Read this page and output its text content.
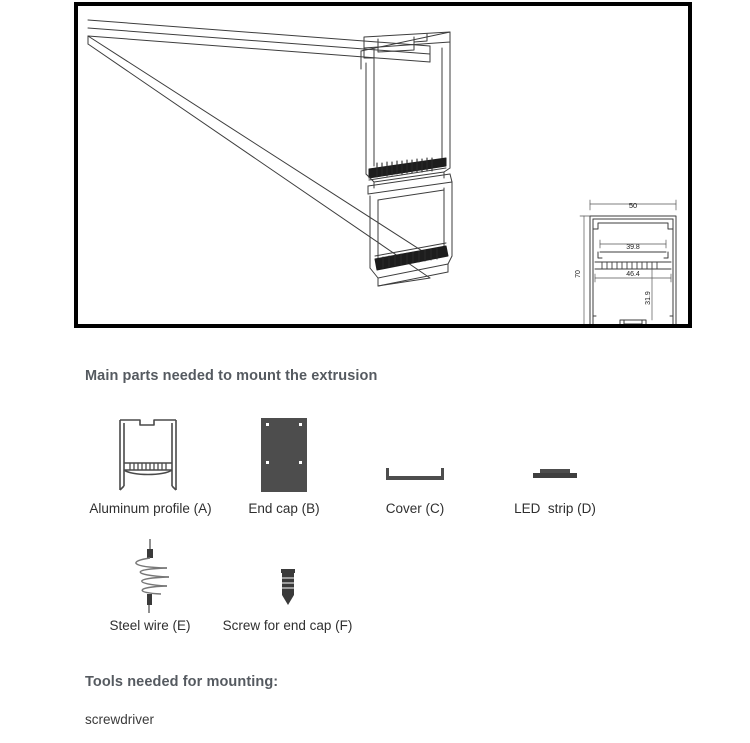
50
39.8
46.4
31.9
70
Main parts needed to mount the extrusion
Aluminum profile (A)	End cap (B)	Cover (C)	LED  strip (D)
Steel wire (E)	Screw for end cap (F)
Tools needed for mounting:
screwdriver
